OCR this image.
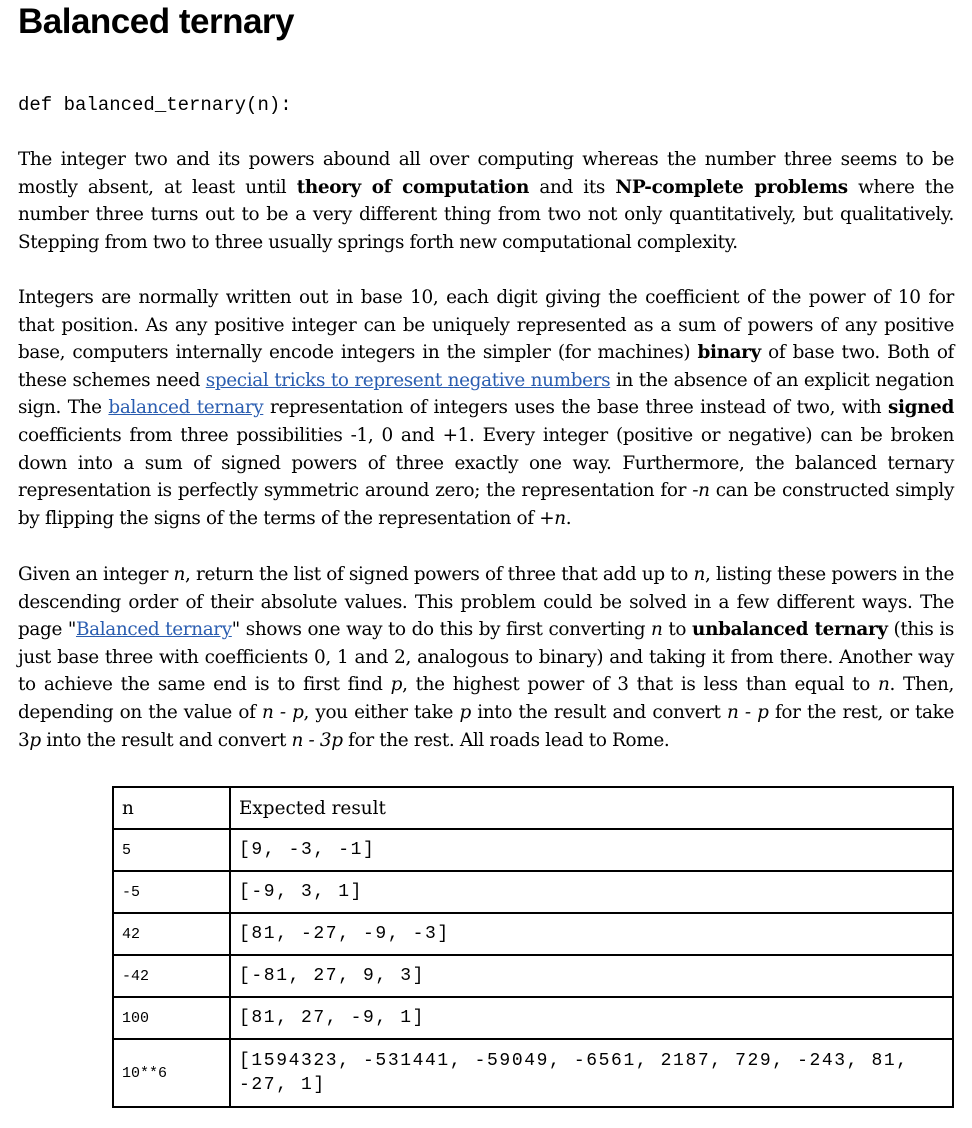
Balanced ternary
def balanced_ternary(n):
The integer two and its powers abound all over computing whereas the number three seems to be mostly absent, at least until theory of computation and its NP-complete problems where the number three turns out to be a very different thing from two not only quantitatively, but qualitatively. Stepping from two to three usually springs forth new computational complexity.
Integers are normally written out in base 10, each digit giving the coefficient of the power of 10 for that position. As any positive integer can be uniquely represented as a sum of powers of any positive base, computers internally encode integers in the simpler (for machines) binary of base two. Both of these schemes need special tricks to represent negative numbers in the absence of an explicit negation sign. The balanced ternary representation of integers uses the base three instead of two, with signed coefficients from three possibilities -1, 0 and +1. Every integer (positive or negative) can be broken down into a sum of signed powers of three exactly one way. Furthermore, the balanced ternary representation is perfectly symmetric around zero; the representation for -n can be constructed simply by flipping the signs of the terms of the representation of +n.
Given an integer n, return the list of signed powers of three that add up to n, listing these powers in the descending order of their absolute values. This problem could be solved in a few different ways. The page "Balanced ternary" shows one way to do this by first converting n to unbalanced ternary (this is just base three with coefficients 0, 1 and 2, analogous to binary) and taking it from there. Another way to achieve the same end is to first find p, the highest power of 3 that is less than equal to n. Then, depending on the value of n - p, you either take p into the result and convert n - p for the rest, or take 3p into the result and convert n - 3p for the rest. All roads lead to Rome.
n	Expected result
5	[9, -3, -1]
-5	[-9, 3, 1]
42	[81, -27, -9, -3]
-42	[-81, 27, 9, 3]
100	[81, 27, -9, 1]
10**6	[1594323, -531441, -59049, -6561, 2187, 729, -243, 81, -27, 1]
